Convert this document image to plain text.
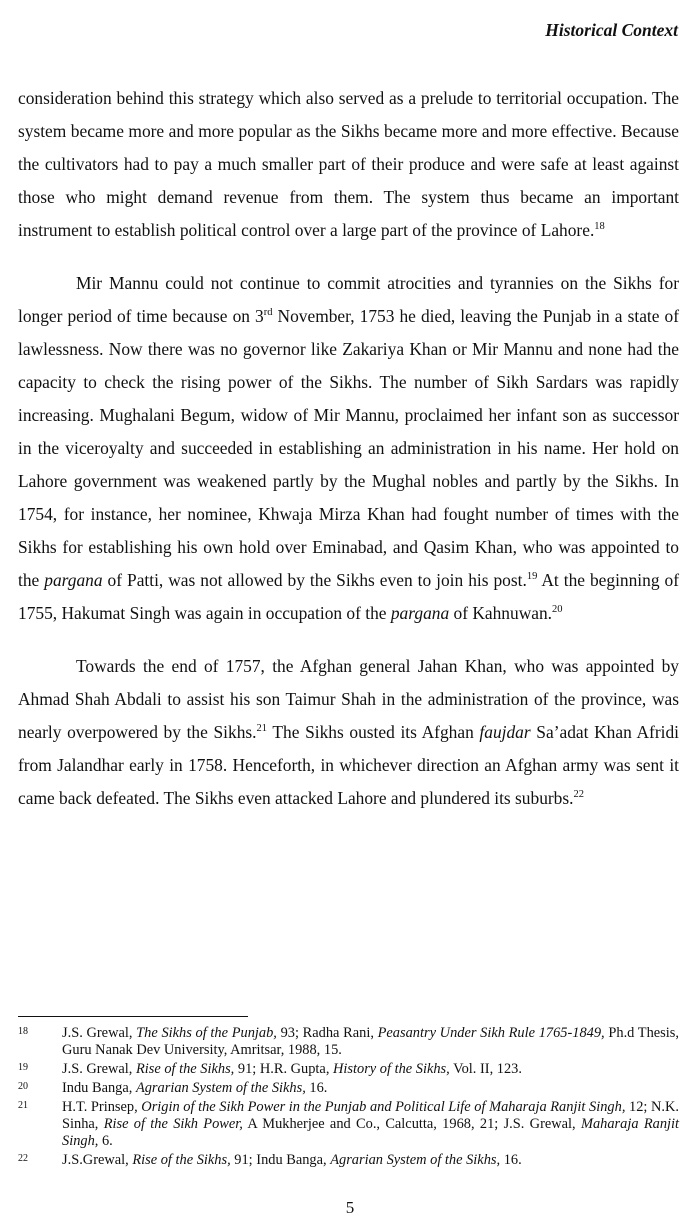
Historical Context

consideration behind this strategy which also served as a prelude to territorial occupation. The system became more and more popular as the Sikhs became more and more effective. Because the cultivators had to pay a much smaller part of their produce and were safe at least against those who might demand revenue from them. The system thus became an important instrument to establish political control over a large part of the province of Lahore.$^{18}$

Mir Mannu could not continue to commit atrocities and tyrannies on the Sikhs for longer period of time because on 3rd November, 1753 he died, leaving the Punjab in a state of lawlessness. Now there was no governor like Zakariya Khan or Mir Mannu and none had the capacity to check the rising power of the Sikhs. The number of Sikh Sardars was rapidly increasing. Mughalani Begum, widow of Mir Mannu, proclaimed her infant son as successor in the viceroyalty and succeeded in establishing an administration in his name. Her hold on Lahore government was weakened partly by the Mughal nobles and partly by the Sikhs. In 1754, for instance, her nominee, Khwaja Mirza Khan had fought number of times with the Sikhs for establishing his own hold over Eminabad, and Qasim Khan, who was appointed to the pargana of Patti, was not allowed by the Sikhs even to join his post.$^{19}$ At the beginning of 1755, Hakumat Singh was again in occupation of the pargana of Kahnuwan.$^{20}$

Towards the end of 1757, the Afghan general Jahan Khan, who was appointed by Ahmad Shah Abdali to assist his son Taimur Shah in the administration of the province, was nearly overpowered by the Sikhs.$^{21}$ The Sikhs ousted its Afghan faujdar Sa’adat Khan Afridi from Jalandhar early in 1758. Henceforth, in whichever direction an Afghan army was sent it came back defeated. The Sikhs even attacked Lahore and plundered its suburbs.$^{22}$

18	J.S. Grewal, The Sikhs of the Punjab, 93; Radha Rani, Peasantry Under Sikh Rule 1765-1849, Ph.d Thesis, Guru Nanak Dev University, Amritsar, 1988, 15.
19	J.S. Grewal, Rise of the Sikhs, 91; H.R. Gupta, History of the Sikhs, Vol. II, 123.
20	Indu Banga, Agrarian System of the Sikhs, 16.
21	H.T. Prinsep, Origin of the Sikh Power in the Punjab and Political Life of Maharaja Ranjit Singh, 12; N.K. Sinha, Rise of the Sikh Power, A Mukherjee and Co., Calcutta, 1968, 21; J.S. Grewal, Maharaja Ranjit Singh, 6.
22	J.S.Grewal, Rise of the Sikhs, 91; Indu Banga, Agrarian System of the Sikhs, 16.
5
